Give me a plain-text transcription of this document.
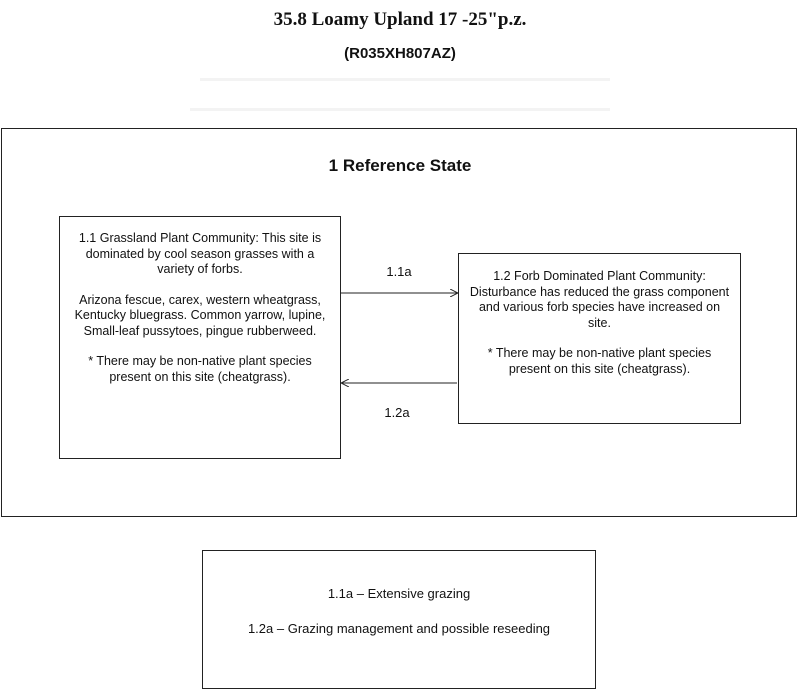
35.8 Loamy Upland 17 -25"p.z.
(R035XH807AZ)
1 Reference State

1.1 Grassland Plant Community: This site is dominated by cool season grasses with a variety of forbs.

Arizona fescue, carex, western wheatgrass, Kentucky bluegrass. Common yarrow, lupine, Small-leaf pussytoes, pingue rubberweed.

* There may be non-native plant species present on this site (cheatgrass).

1.2 Forb Dominated Plant Community: Disturbance has reduced the grass component and various forb species have increased on site.

* There may be non-native plant species present on this site (cheatgrass).

1.1a
1.2a

1.1a – Extensive grazing

1.2a – Grazing management and possible reseeding
